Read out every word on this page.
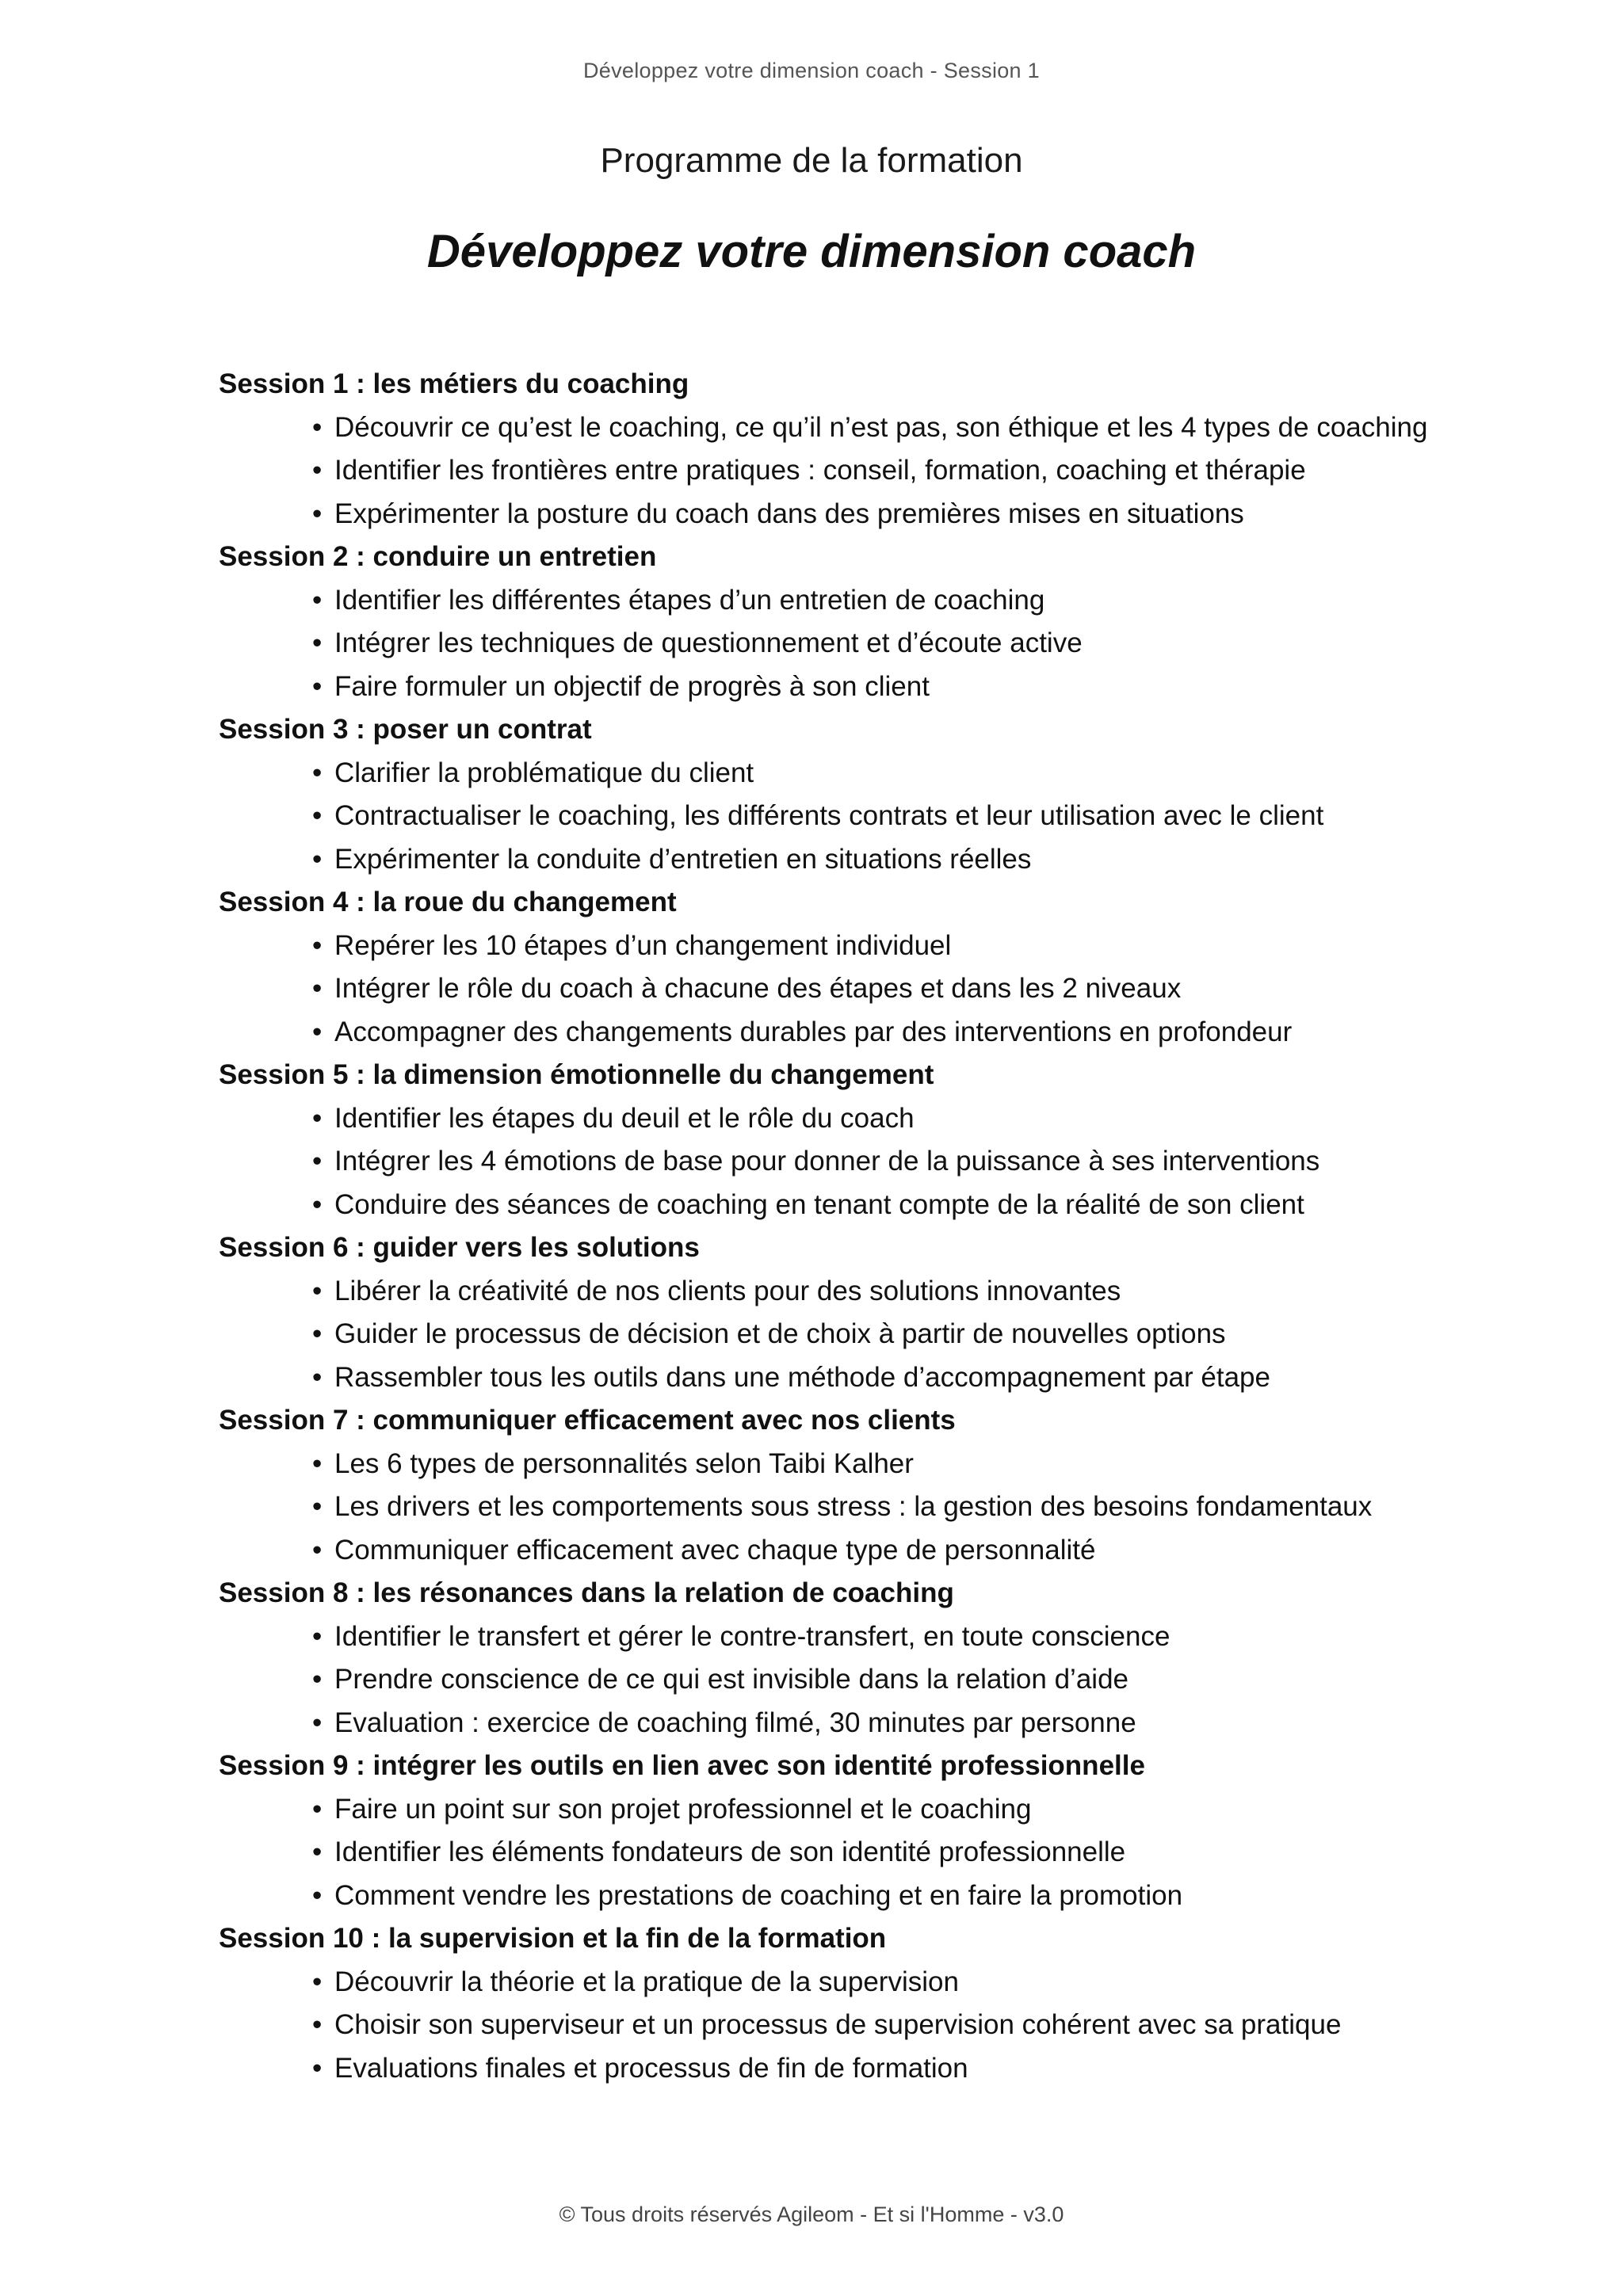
Développez votre dimension coach - Session 1
Programme de la formation
Développez votre dimension coach
Session 1 : les métiers du coaching
• Découvrir ce qu’est le coaching, ce qu’il n’est pas, son éthique et les 4 types de coaching
• Identifier les frontières entre pratiques : conseil, formation, coaching et thérapie
• Expérimenter la posture du coach dans des premières mises en situations
Session 2 : conduire un entretien
• Identifier les différentes étapes d’un entretien de coaching
• Intégrer les techniques de questionnement et d’écoute active
• Faire formuler un objectif de progrès à son client
Session 3 : poser un contrat
• Clarifier la problématique du client
• Contractualiser le coaching, les différents contrats et leur utilisation avec le client
• Expérimenter la conduite d’entretien en situations réelles
Session 4 : la roue du changement
• Repérer les 10 étapes d’un changement individuel
• Intégrer le rôle du coach à chacune des étapes et dans les 2 niveaux
• Accompagner des changements durables par des interventions en profondeur
Session 5 : la dimension émotionnelle du changement
• Identifier les étapes du deuil et le rôle du coach
• Intégrer les 4 émotions de base pour donner de la puissance à ses interventions
• Conduire des séances de coaching en tenant compte de la réalité de son client
Session 6 : guider vers les solutions
• Libérer la créativité de nos clients pour des solutions innovantes
• Guider le processus de décision et de choix à partir de nouvelles options
• Rassembler tous les outils dans une méthode d’accompagnement par étape
Session 7 : communiquer efficacement avec nos clients
• Les 6 types de personnalités selon Taibi Kalher
• Les drivers et les comportements sous stress : la gestion des besoins fondamentaux
• Communiquer efficacement avec chaque type de personnalité
Session 8 : les résonances dans la relation de coaching
• Identifier le transfert et gérer le contre-transfert, en toute conscience
• Prendre conscience de ce qui est invisible dans la relation d’aide
• Evaluation : exercice de coaching filmé, 30 minutes par personne
Session 9 : intégrer les outils en lien avec son identité professionnelle
• Faire un point sur son projet professionnel et le coaching
• Identifier les éléments fondateurs de son identité professionnelle
• Comment vendre les prestations de coaching et en faire la promotion
Session 10 : la supervision et la fin de la formation
• Découvrir la théorie et la pratique de la supervision
• Choisir son superviseur et un processus de supervision cohérent avec sa pratique
• Evaluations finales et processus de fin de formation
© Tous droits réservés Agileom - Et si l'Homme - v3.0
